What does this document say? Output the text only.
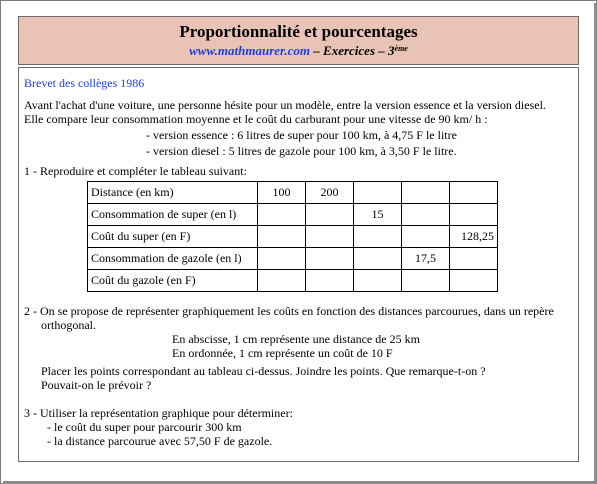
Proportionnalité et pourcentages
www.mathmaurer.com – Exercices – 3ème
Brevet des collèges 1986
Avant l'achat d'une voiture, une personne hésite pour un modèle, entre la version essence et la version diesel.
Elle compare leur consommation moyenne et le coût du carburant pour une vitesse de 90 km/ h :
- version essence : 6 litres de super pour 100 km, à 4,75 F le litre
- version diesel : 5 litres de gazole pour 100 km, à 3,50 F le litre.
1 - Reproduire et compléter le tableau suivant:
Distance (en km)	100	200			
Consommation de super (en l)			15		
Coût du super (en F)					128,25
Consommation de gazole (en l)				17,5	
Coût du gazole (en F)					
2 - On se propose de représenter graphiquement les coûts en fonction des distances parcourues, dans un repère
orthogonal.
En abscisse, 1 cm représente une distance de 25 km
En ordonnée, 1 cm représente un coût de 10 F
Placer les points correspondant au tableau ci-dessus. Joindre les points. Que remarque-t-on ?
Pouvait-on le prévoir ?
3 - Utiliser la représentation graphique pour déterminer:
- le coût du super pour parcourir 300 km
- la distance parcourue avec 57,50 F de gazole.
